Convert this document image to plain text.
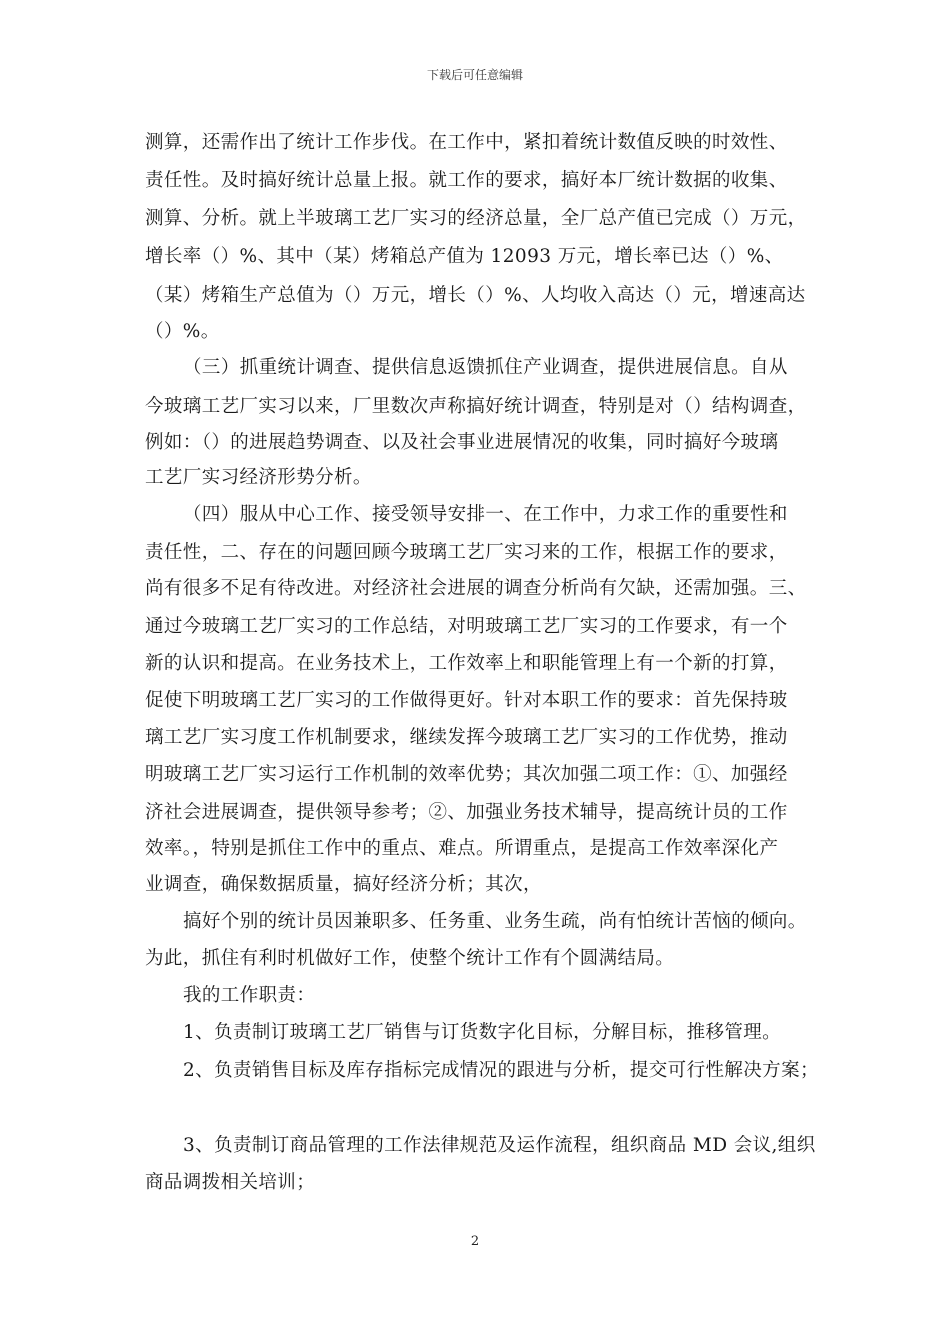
下载后可任意编辑
测算，还需作出了统计工作步伐。在工作中，紧扣着统计数值反映的时效性、
责任性。及时搞好统计总量上报。就工作的要求，搞好本厂统计数据的收集、
测算、分析。就上半玻璃工艺厂实习的经济总量，全厂总产值已完成（）万元，
增长率（）%、其中（某）烤箱总产值为 12093 万元，增长率已达（）%、
（某）烤箱生产总值为（）万元，增长（）%、人均收入高达（）元，增速高达
（）%。
（三）抓重统计调查、提供信息返馈抓住产业调查，提供进展信息。自从
今玻璃工艺厂实习以来，厂里数次声称搞好统计调查，特别是对（）结构调查，
例如：（）的进展趋势调查、以及社会事业进展情况的收集，同时搞好今玻璃
工艺厂实习经济形势分析。
（四）服从中心工作、接受领导安排一、在工作中，力求工作的重要性和
责任性，二、存在的问题回顾今玻璃工艺厂实习来的工作，根据工作的要求，
尚有很多不足有待改进。对经济社会进展的调查分析尚有欠缺，还需加强。三、
通过今玻璃工艺厂实习的工作总结，对明玻璃工艺厂实习的工作要求，有一个
新的认识和提高。在业务技术上，工作效率上和职能管理上有一个新的打算，
促使下明玻璃工艺厂实习的工作做得更好。针对本职工作的要求：首先保持玻
璃工艺厂实习度工作机制要求，继续发挥今玻璃工艺厂实习的工作优势，推动
明玻璃工艺厂实习运行工作机制的效率优势；其次加强二项工作：①、加强经
济社会进展调查，提供领导参考；②、加强业务技术辅导，提高统计员的工作
效率。，特别是抓住工作中的重点、难点。所谓重点，是提高工作效率深化产
业调查，确保数据质量，搞好经济分析；其次，
搞好个别的统计员因兼职多、任务重、业务生疏，尚有怕统计苦恼的倾向。
为此，抓住有利时机做好工作，使整个统计工作有个圆满结局。
我的工作职责：
1、负责制订玻璃工艺厂销售与订货数字化目标，分解目标，推移管理。
2、负责销售目标及库存指标完成情况的跟进与分析，提交可行性解决方案；
3、负责制订商品管理的工作法律规范及运作流程，组织商品 MD 会议,组织
商品调拨相关培训；
2
